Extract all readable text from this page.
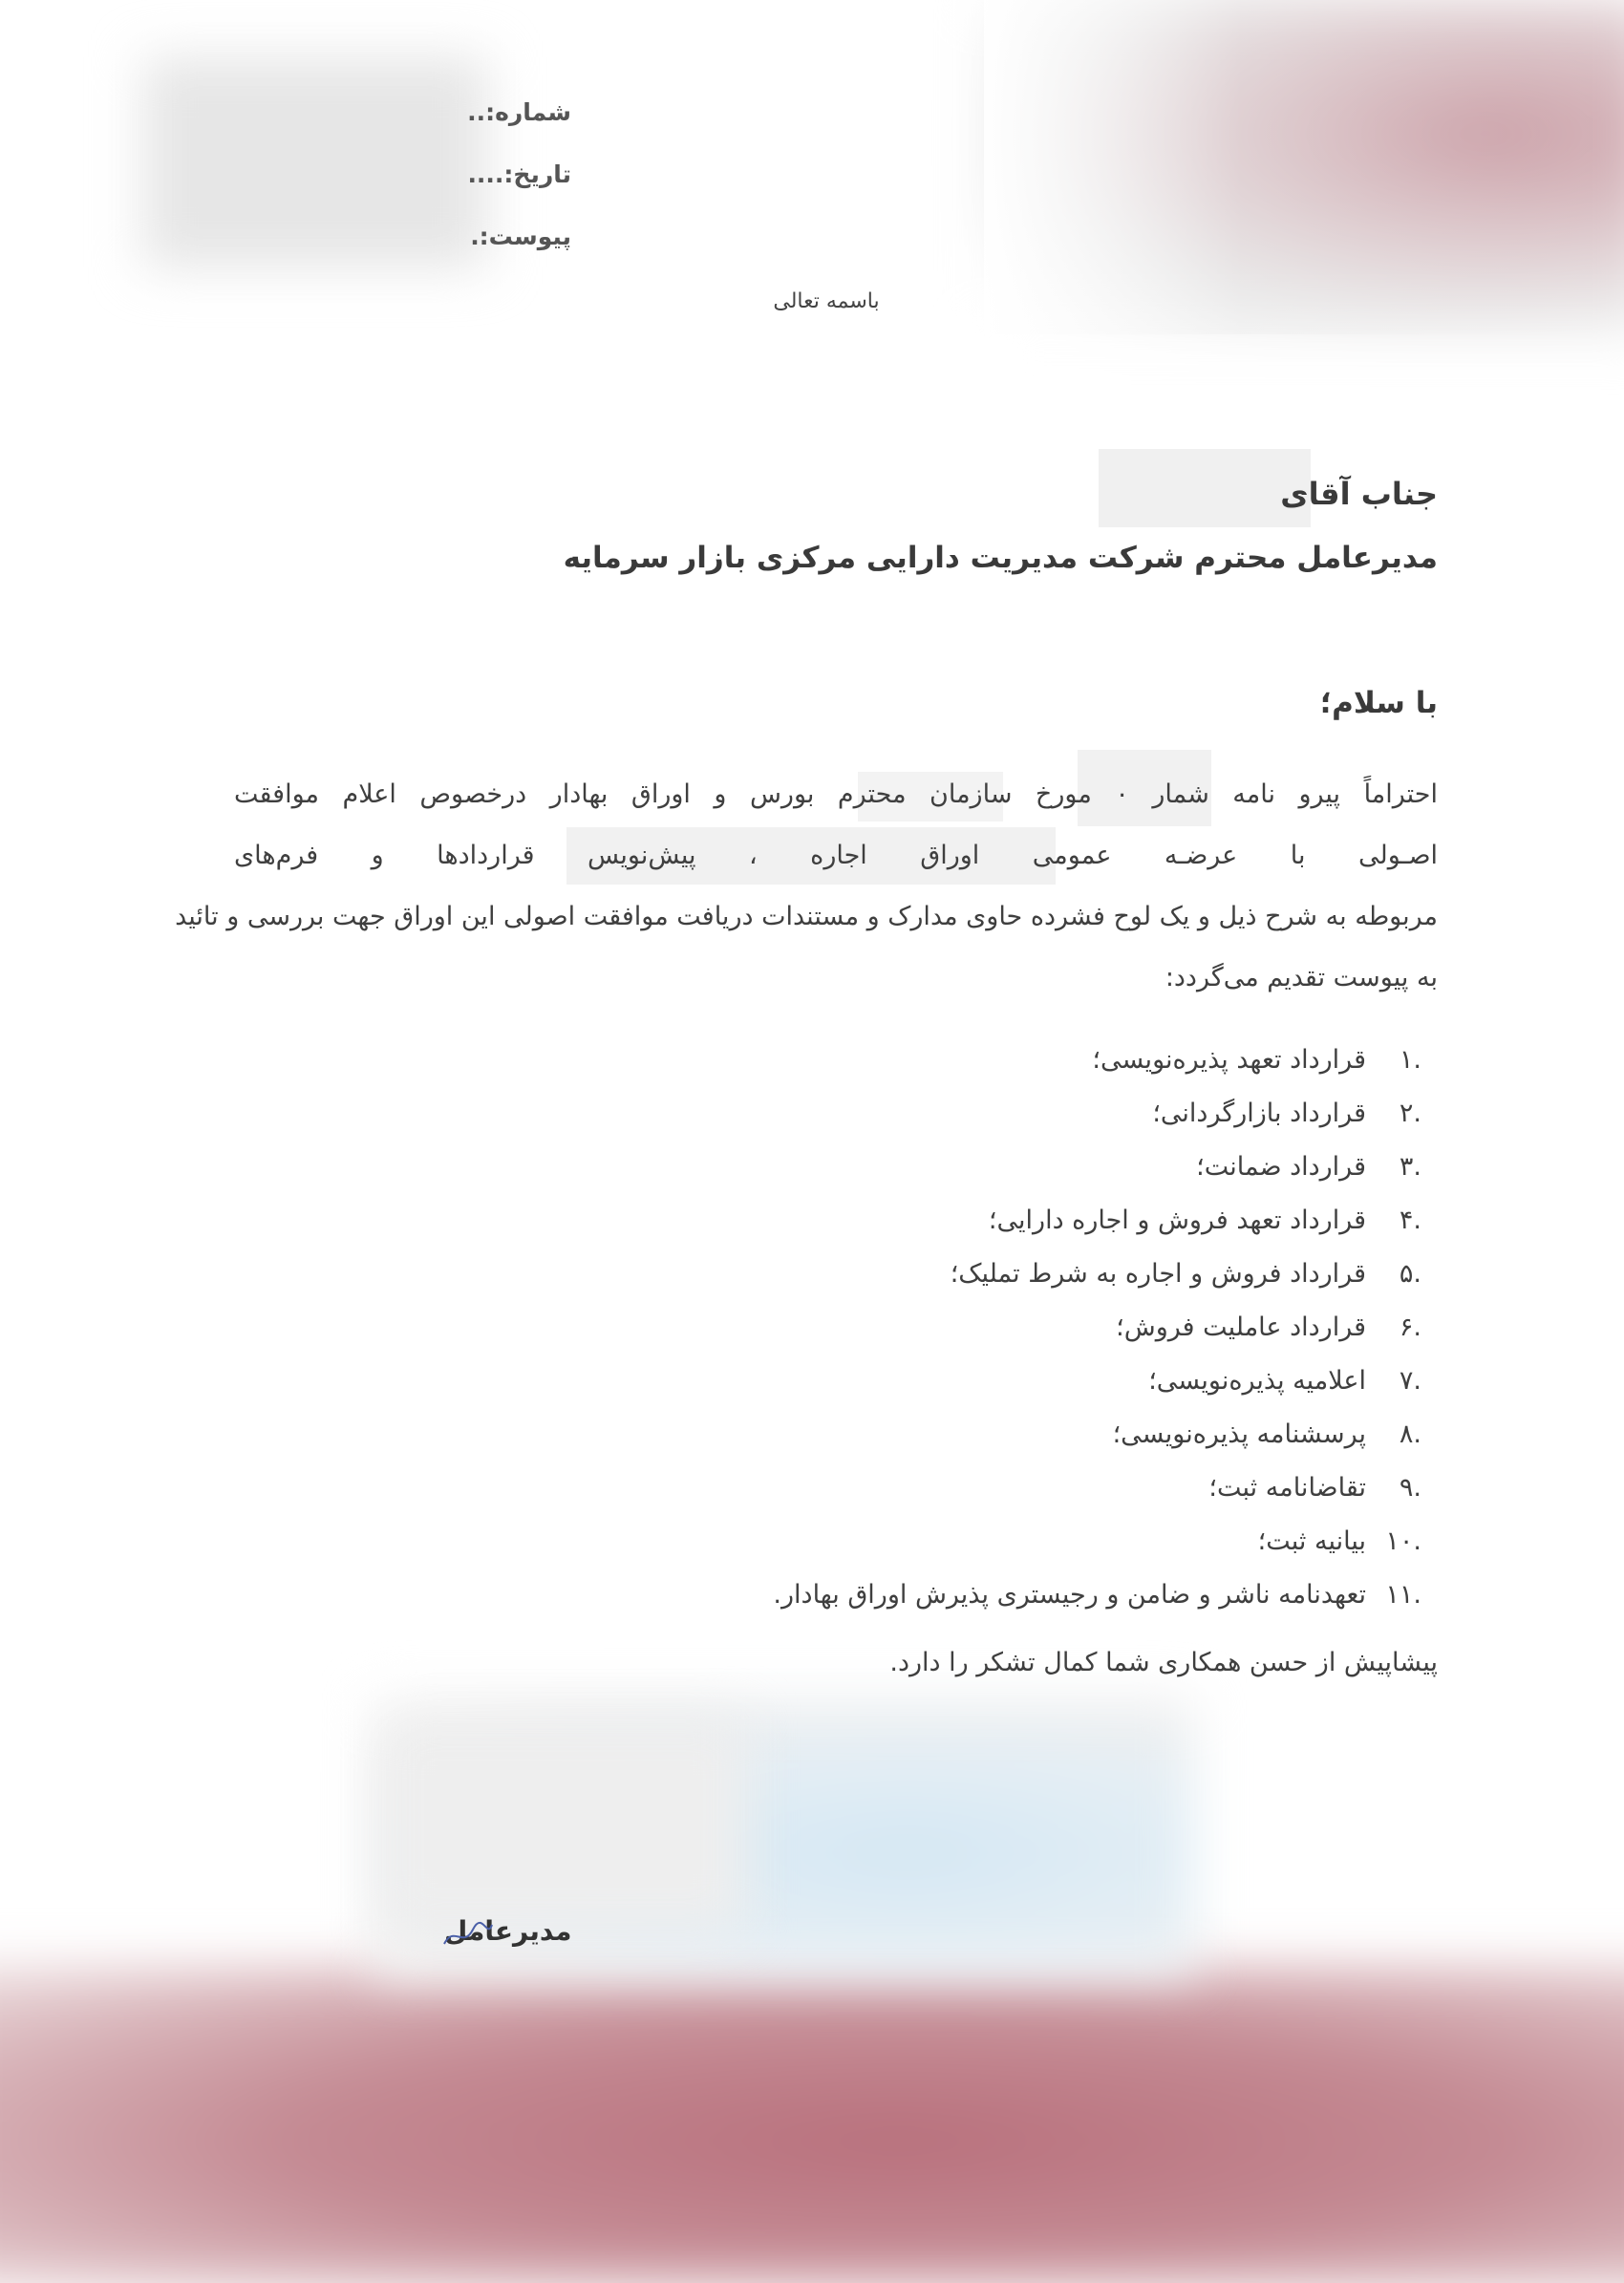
شماره:..
تاریخ:....
پیوست:.
باسمه تعالی
جناب آقای
مدیرعامل محترم شرکت مدیریت دارایی مرکزی بازار سرمایه
با سلام؛
احتراماً پیرو نامه شمار ۰ مورخ سازمان محترم بورس و اوراق بهادار درخصوص اعلام موافقت
اصـولی با عرضـه عمومی اوراق اجاره ، پیش‌نویس قراردادها و فرم‌های
مربوطه به شرح ذیل و یک لوح فشرده حاوی مدارک و مستندات دریافت موافقت اصولی این اوراق جهت بررسی و تائید
به پیوست تقدیم می‌گردد:
.۱قرارداد تعهد پذیره‌نویسی؛
.۲قرارداد بازارگردانی؛
.۳قرارداد ضمانت؛
.۴قرارداد تعهد فروش و اجاره دارایی؛
.۵قرارداد فروش و اجاره به شرط تملیک؛
.۶قرارداد عاملیت فروش؛
.۷اعلامیه پذیره‌نویسی؛
.۸پرسشنامه پذیره‌نویسی؛
.۹تقاضانامه ثبت؛
.۱۰بیانیه ثبت؛
.۱۱تعهدنامه ناشر و ضامن و رجیستری پذیرش اوراق بهادار.
پیشاپیش از حسن همکاری شما کمال تشکر را دارد.
مدیرعامل
